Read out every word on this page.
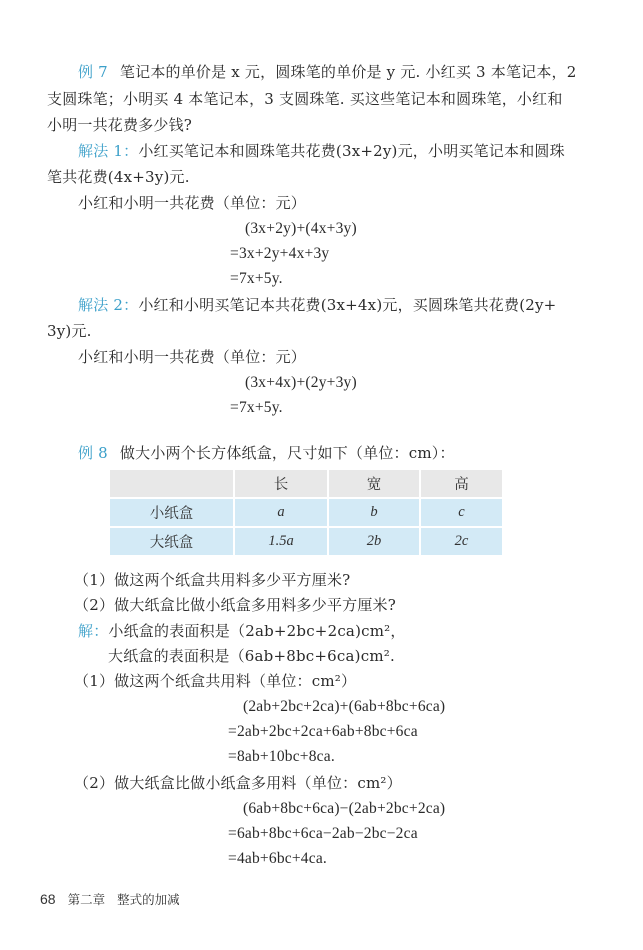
例 7 笔记本的单价是 x 元，圆珠笔的单价是 y 元. 小红买 3 本笔记本，2
支圆珠笔；小明买 4 本笔记本，3 支圆珠笔. 买这些笔记本和圆珠笔，小红和
小明一共花费多少钱?
解法 1：小红买笔记本和圆珠笔共花费(3x+2y)元，小明买笔记本和圆珠
笔共花费(4x+3y)元.
小红和小明一共花费（单位：元）
(3x+2y)+(4x+3y)
=3x+2y+4x+3y
=7x+5y.
解法 2：小红和小明买笔记本共花费(3x+4x)元，买圆珠笔共花费(2y+
3y)元.
小红和小明一共花费（单位：元）
(3x+4x)+(2y+3y)
=7x+5y.
例 8 做大小两个长方体纸盒，尺寸如下（单位：cm）：
	长	宽	高
小纸盒	a	b	c
大纸盒	1.5a	2b	2c
（1）做这两个纸盒共用料多少平方厘米?
（2）做大纸盒比做小纸盒多用料多少平方厘米?
解：小纸盒的表面积是（2ab+2bc+2ca)cm²，
大纸盒的表面积是（6ab+8bc+6ca)cm².
（1）做这两个纸盒共用料（单位：cm²）
(2ab+2bc+2ca)+(6ab+8bc+6ca)
=2ab+2bc+2ca+6ab+8bc+6ca
=8ab+10bc+8ca.
（2）做大纸盒比做小纸盒多用料（单位：cm²）
(6ab+8bc+6ca)−(2ab+2bc+2ca)
=6ab+8bc+6ca−2ab−2bc−2ca
=4ab+6bc+4ca.
68 第二章 整式的加减
